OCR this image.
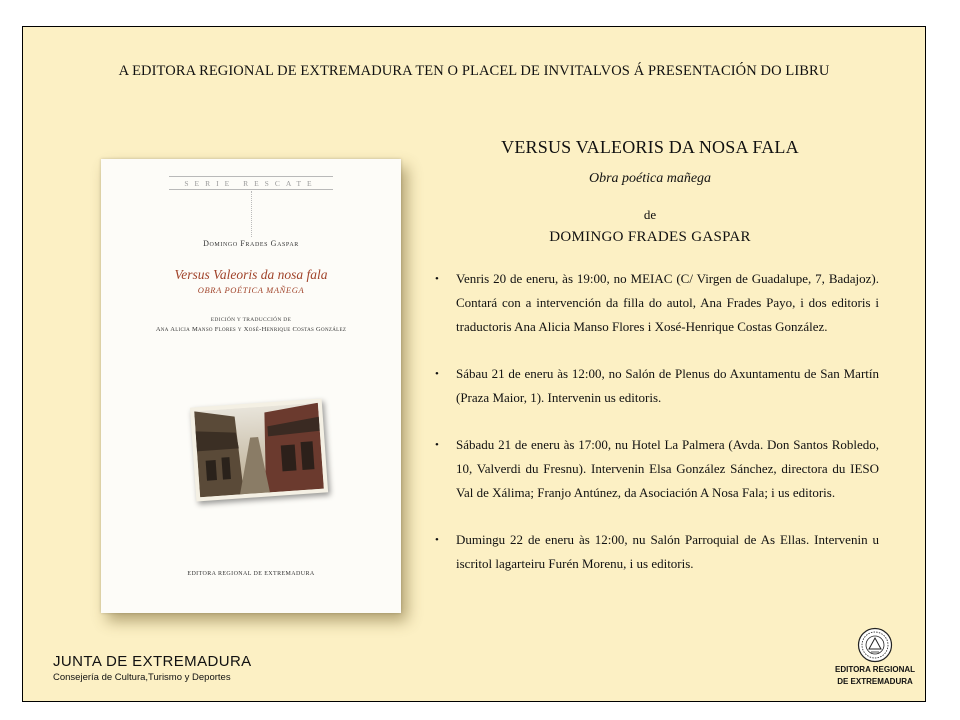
A EDITORA REGIONAL DE EXTREMADURA TEN O PLACEL DE INVITALVOS Á PRESENTACIÓN DO LIBRU
SERIE RESCATE
Domingo Frades Gaspar
Versus Valeoris da nosa fala
OBRA POÉTICA MAÑEGA
EDICIÓN Y TRADUCCIÓN DE
Ana Alicia Manso Flores y Xosé-Henrique Costas González
EDITORA REGIONAL DE EXTREMADURA
VERSUS VALEORIS DA NOSA FALA
Obra poética mañega
de
DOMINGO FRADES GASPAR
• Venris 20 de eneru, às 19:00, no MEIAC (C/ Virgen de Guadalupe, 7, Badajoz). Contará con a intervención da filla do autol, Ana Frades Payo, i dos editoris i traductoris Ana Alicia Manso Flores i Xosé-Henrique Costas González.
• Sábau 21 de eneru às 12:00, no Salón de Plenus do Axuntamentu de San Martín (Praza Maior, 1). Intervenin us editoris.
• Sábadu 21 de eneru às 17:00, nu Hotel La Palmera (Avda. Don Santos Robledo, 10, Valverdi du Fresnu). Intervenin Elsa González Sánchez, directora du IESO Val de Xálima; Franjo Antúnez, da Asociación A Nosa Fala; i us editoris.
• Dumingu 22 de eneru às 12:00, nu Salón Parroquial de As Ellas. Intervenin u iscritol lagarteiru Furén Morenu, i us editoris.
JUNTA DE EXTREMADURA
Consejería de Cultura,Turismo y Deportes
EDITORA REGIONAL
DE EXTREMADURA
